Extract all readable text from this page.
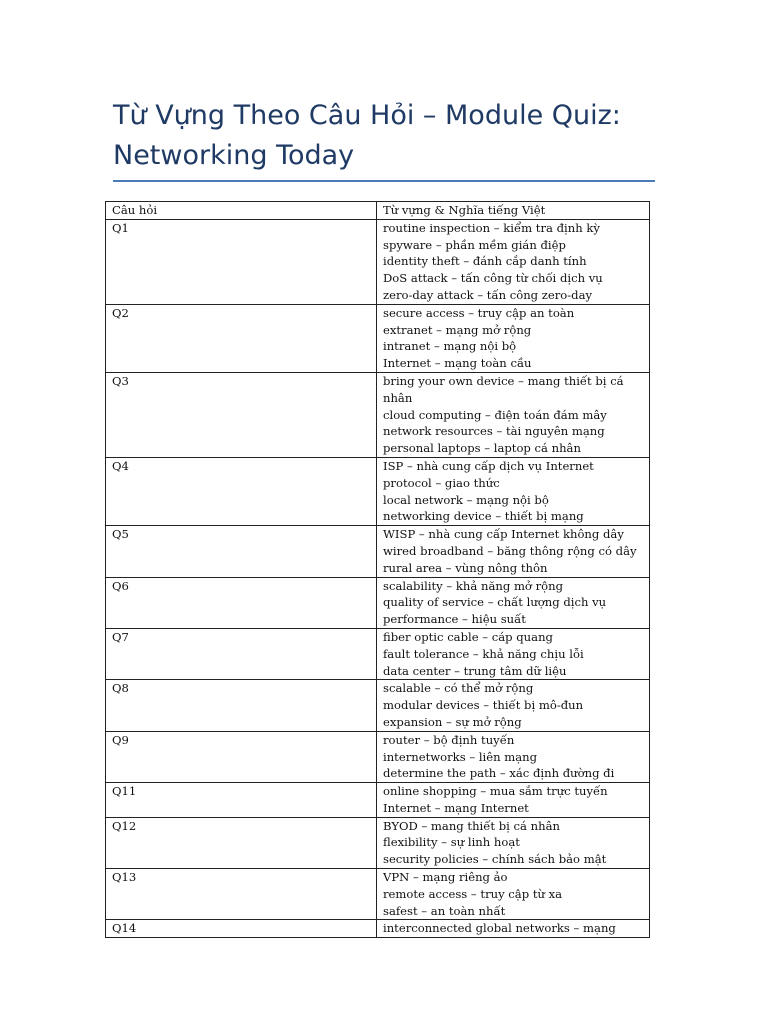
Từ Vựng Theo Câu Hỏi – Module Quiz: Networking Today
Câu hỏi	Từ vựng & Nghĩa tiếng Việt
Q1	routine inspection – kiểm tra định kỳ
spyware – phần mềm gián điệp
identity theft – đánh cắp danh tính
DoS attack – tấn công từ chối dịch vụ
zero-day attack – tấn công zero-day

Q2	secure access – truy cập an toàn
extranet – mạng mở rộng
intranet – mạng nội bộ
Internet – mạng toàn cầu

Q3	bring your own device – mang thiết bị cá nhân
cloud computing – điện toán đám mây
network resources – tài nguyên mạng
personal laptops – laptop cá nhân

Q4	ISP – nhà cung cấp dịch vụ Internet
protocol – giao thức
local network – mạng nội bộ
networking device – thiết bị mạng

Q5	WISP – nhà cung cấp Internet không dây
wired broadband – băng thông rộng có dây
rural area – vùng nông thôn

Q6	scalability – khả năng mở rộng
quality of service – chất lượng dịch vụ
performance – hiệu suất

Q7	fiber optic cable – cáp quang
fault tolerance – khả năng chịu lỗi
data center – trung tâm dữ liệu

Q8	scalable – có thể mở rộng
modular devices – thiết bị mô-đun
expansion – sự mở rộng

Q9	router – bộ định tuyến
internetworks – liên mạng
determine the path – xác định đường đi

Q11	online shopping – mua sắm trực tuyến
Internet – mạng Internet

Q12	BYOD – mang thiết bị cá nhân
flexibility – sự linh hoạt
security policies – chính sách bảo mật

Q13	VPN – mạng riêng ảo
remote access – truy cập từ xa
safest – an toàn nhất

Q14	interconnected global networks – mạng
